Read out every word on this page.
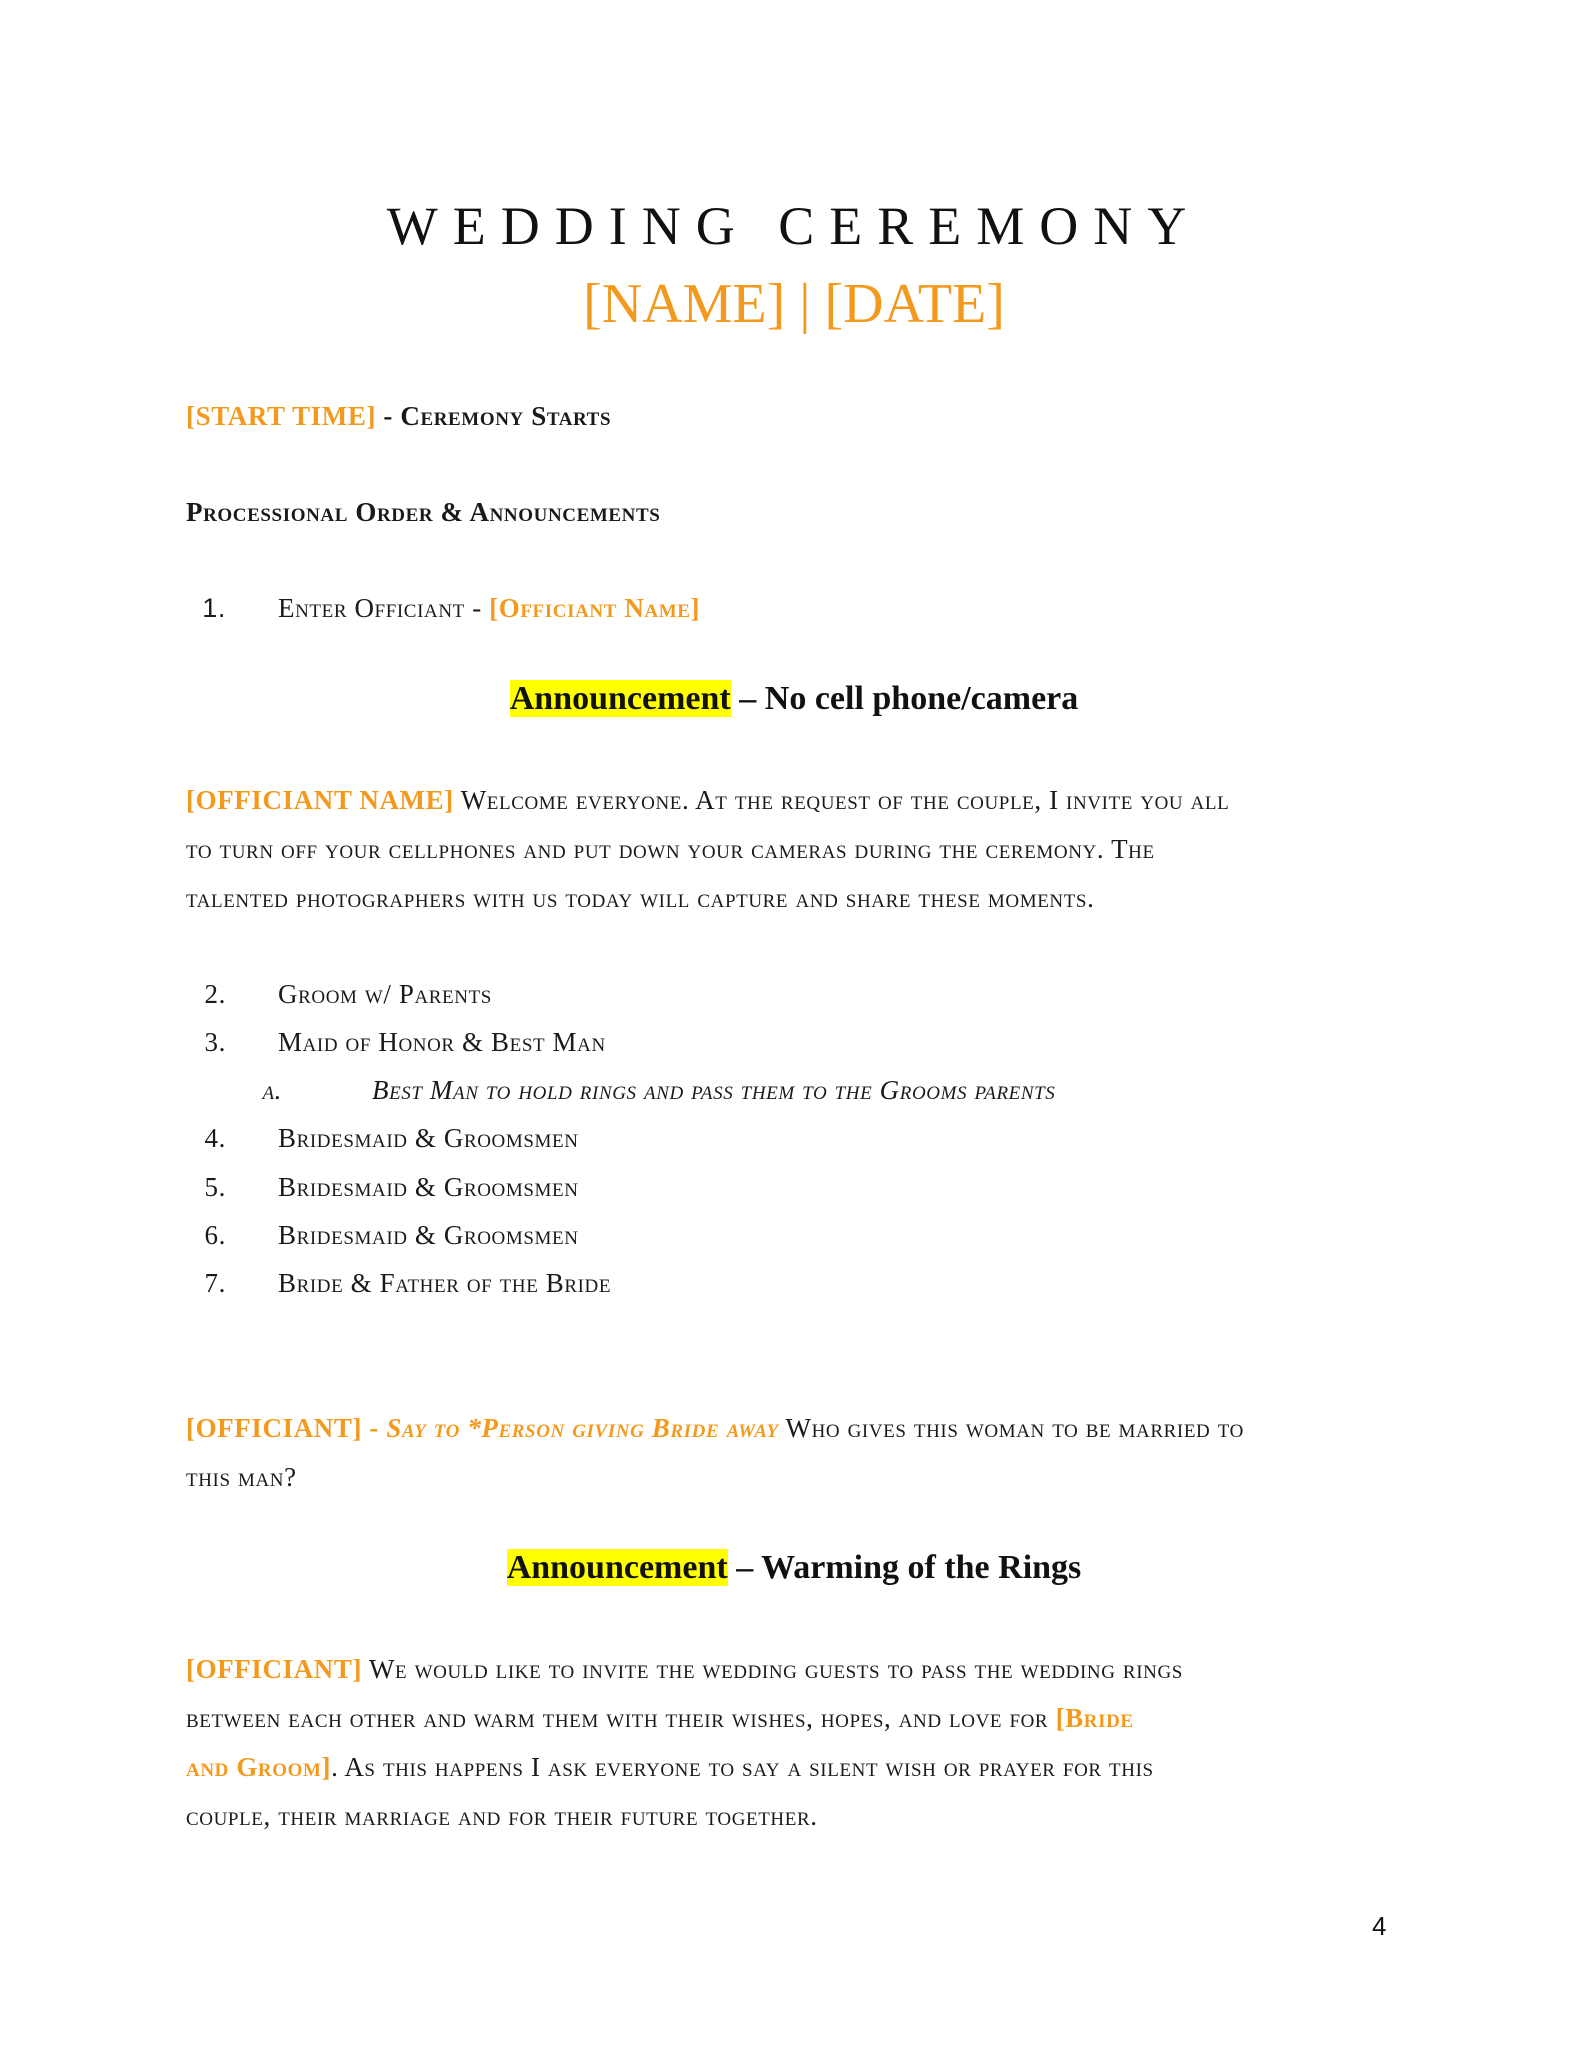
WEDDING CEREMONY
[NAME] | [DATE]
[START TIME] - Ceremony Starts
Processional Order & Announcements
1. Enter Officiant - [Officiant Name]
Announcement – No cell phone/camera
[OFFICIANT NAME] Welcome everyone. At the request of the couple, I invite you all
to turn off your cellphones and put down your cameras during the ceremony. The
talented photographers with us today will capture and share these moments.
2. Groom w/ Parents
3. Maid of Honor & Best Man
a.	Best Man to hold rings and pass them to the Grooms parents
4. Bridesmaid & Groomsmen
5. Bridesmaid & Groomsmen
6. Bridesmaid & Groomsmen
7. Bride & Father of the Bride
[OFFICIANT] - Say to *Person giving Bride away Who gives this woman to be married to
this man?
Announcement – Warming of the Rings
[OFFICIANT] We would like to invite the wedding guests to pass the wedding rings
between each other and warm them with their wishes, hopes, and love for [Bride
and Groom]. As this happens I ask everyone to say a silent wish or prayer for this
couple, their marriage and for their future together.
4
